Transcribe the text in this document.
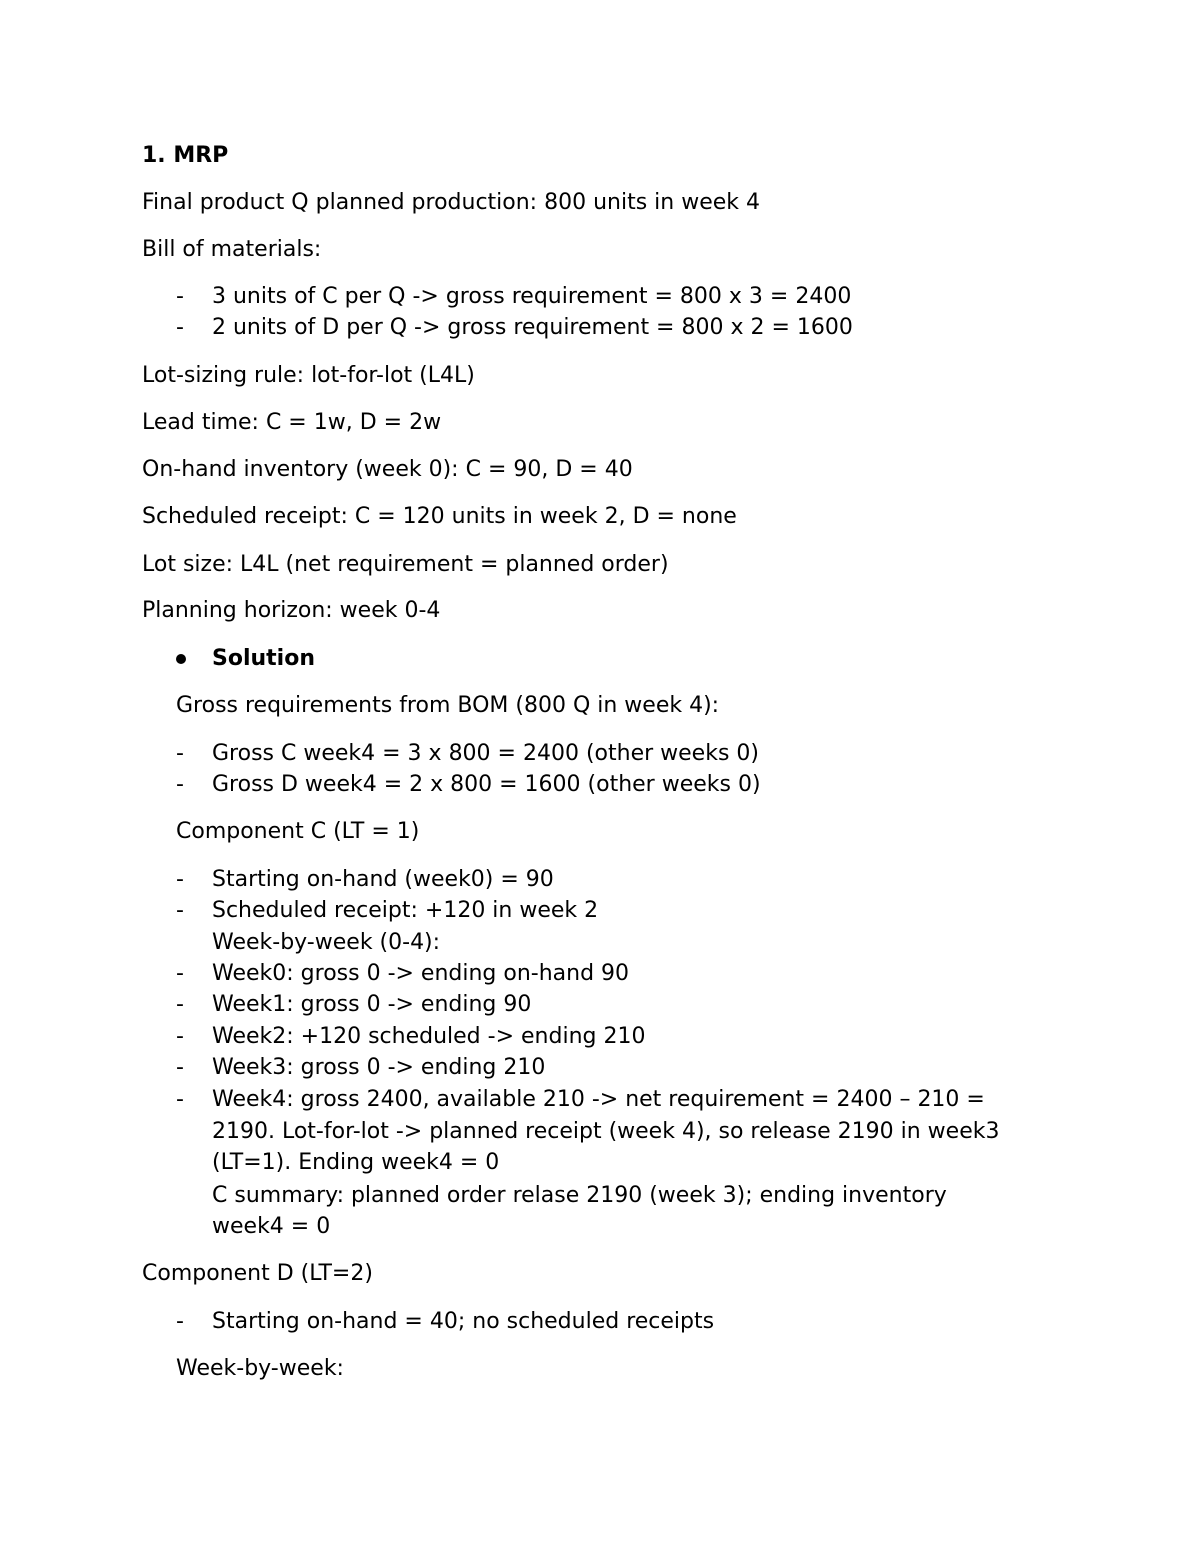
1. MRP
Final product Q planned production: 800 units in week 4
Bill of materials:
- 3 units of C per Q -> gross requirement = 800 x 3 = 2400
- 2 units of D per Q -> gross requirement = 800 x 2 = 1600
Lot-sizing rule: lot-for-lot (L4L)
Lead time: C = 1w, D = 2w
On-hand inventory (week 0): C = 90, D = 40
Scheduled receipt: C = 120 units in week 2, D = none
Lot size: L4L (net requirement = planned order)
Planning horizon: week 0-4
Solution
Gross requirements from BOM (800 Q in week 4):
- Gross C week4 = 3 x 800 = 2400 (other weeks 0)
- Gross D week4 = 2 x 800 = 1600 (other weeks 0)
Component C (LT = 1)
- Starting on-hand (week0) = 90
- Scheduled receipt: +120 in week 2
Week-by-week (0-4):
- Week0: gross 0 -> ending on-hand 90
- Week1: gross 0 -> ending 90
- Week2: +120 scheduled -> ending 210
- Week3: gross 0 -> ending 210
- Week4: gross 2400, available 210 -> net requirement = 2400 – 210 =
2190. Lot-for-lot -> planned receipt (week 4), so release 2190 in week3
(LT=1). Ending week4 = 0
C summary: planned order relase 2190 (week 3); ending inventory
week4 = 0
Component D (LT=2)
- Starting on-hand = 40; no scheduled receipts
Week-by-week:
